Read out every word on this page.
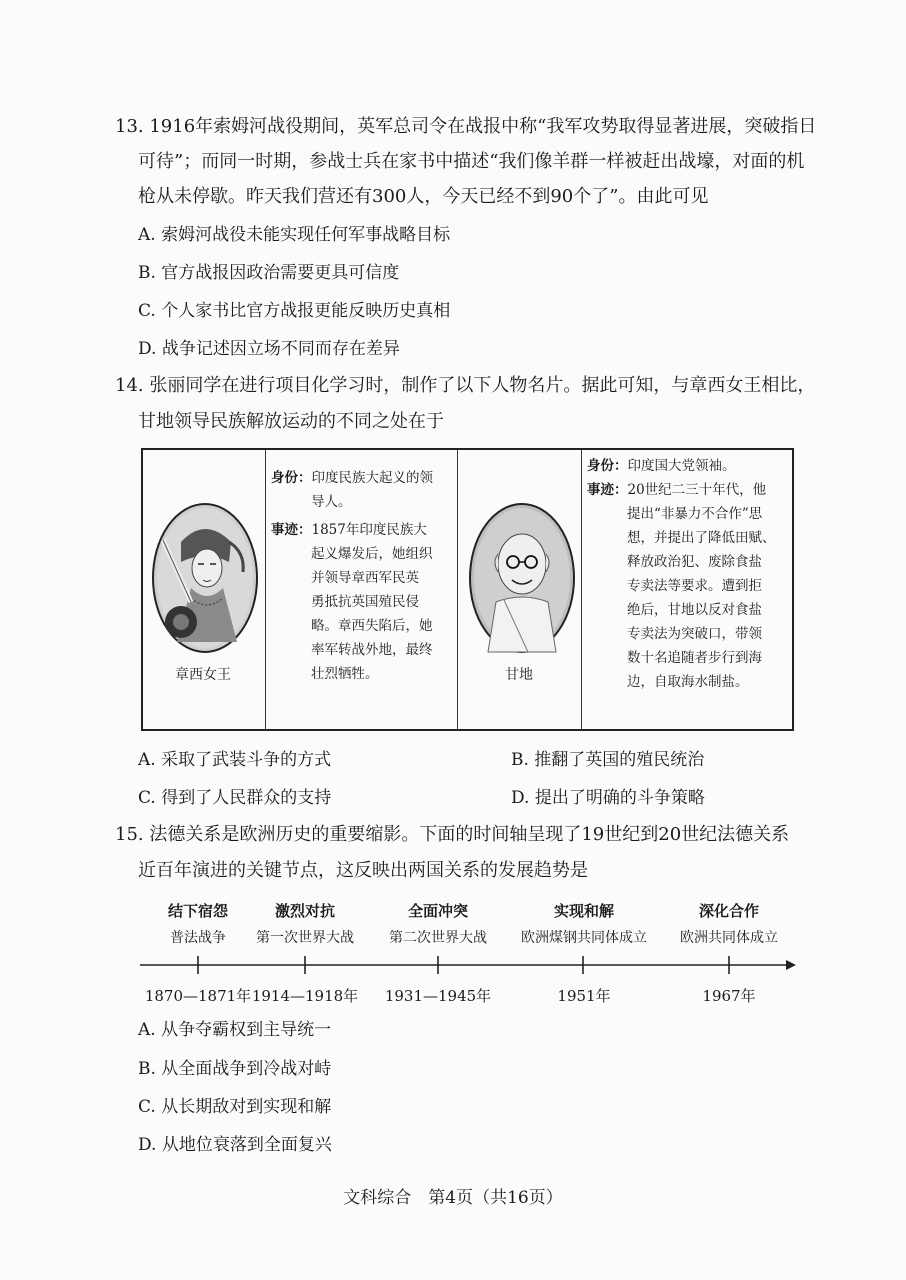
13. 1916年索姆河战役期间，英军总司令在战报中称“我军攻势取得显著进展，突破指日
可待”；而同一时期，参战士兵在家书中描述“我们像羊群一样被赶出战壕，对面的机
枪从未停歇。昨天我们营还有300人，今天已经不到90个了”。由此可见
A. 索姆河战役未能实现任何军事战略目标
B. 官方战报因政治需要更具可信度
C. 个人家书比官方战报更能反映历史真相
D. 战争记述因立场不同而存在差异
14. 张丽同学在进行项目化学习时，制作了以下人物名片。据此可知，与章西女王相比，
甘地领导民族解放运动的不同之处在于
章西女王
身份： 印度民族大起义的领
导人。
事迹： 1857年印度民族大
起义爆发后，她组织
并领导章西军民英
勇抵抗英国殖民侵
略。章西失陷后，她
率军转战外地，最终
壮烈牺牲。	甘地
身份： 印度国大党领袖。
事迹： 20世纪二三十年代，他
提出“非暴力不合作”思
想，并提出了降低田赋、
释放政治犯、废除食盐
专卖法等要求。遭到拒
绝后，甘地以反对食盐
专卖法为突破口，带领
数十名追随者步行到海
边，自取海水制盐。
A. 采取了武装斗争的方式	B. 推翻了英国的殖民统治
C. 得到了人民群众的支持	D. 提出了明确的斗争策略
15. 法德关系是欧洲历史的重要缩影。下面的时间轴呈现了19世纪到20世纪法德关系
近百年演进的关键节点，这反映出两国关系的发展趋势是
结下宿怨
普法战争
1870—1871年
激烈对抗
第一次世界大战
1914—1918年
全面冲突
第二次世界大战
1931—1945年
实现和解
欧洲煤钢共同体成立
1951年
深化合作
欧洲共同体成立
1967年
A. 从争夺霸权到主导统一
B. 从全面战争到冷战对峙
C. 从长期敌对到实现和解
D. 从地位衰落到全面复兴
文科综合　第4页（共16页）
